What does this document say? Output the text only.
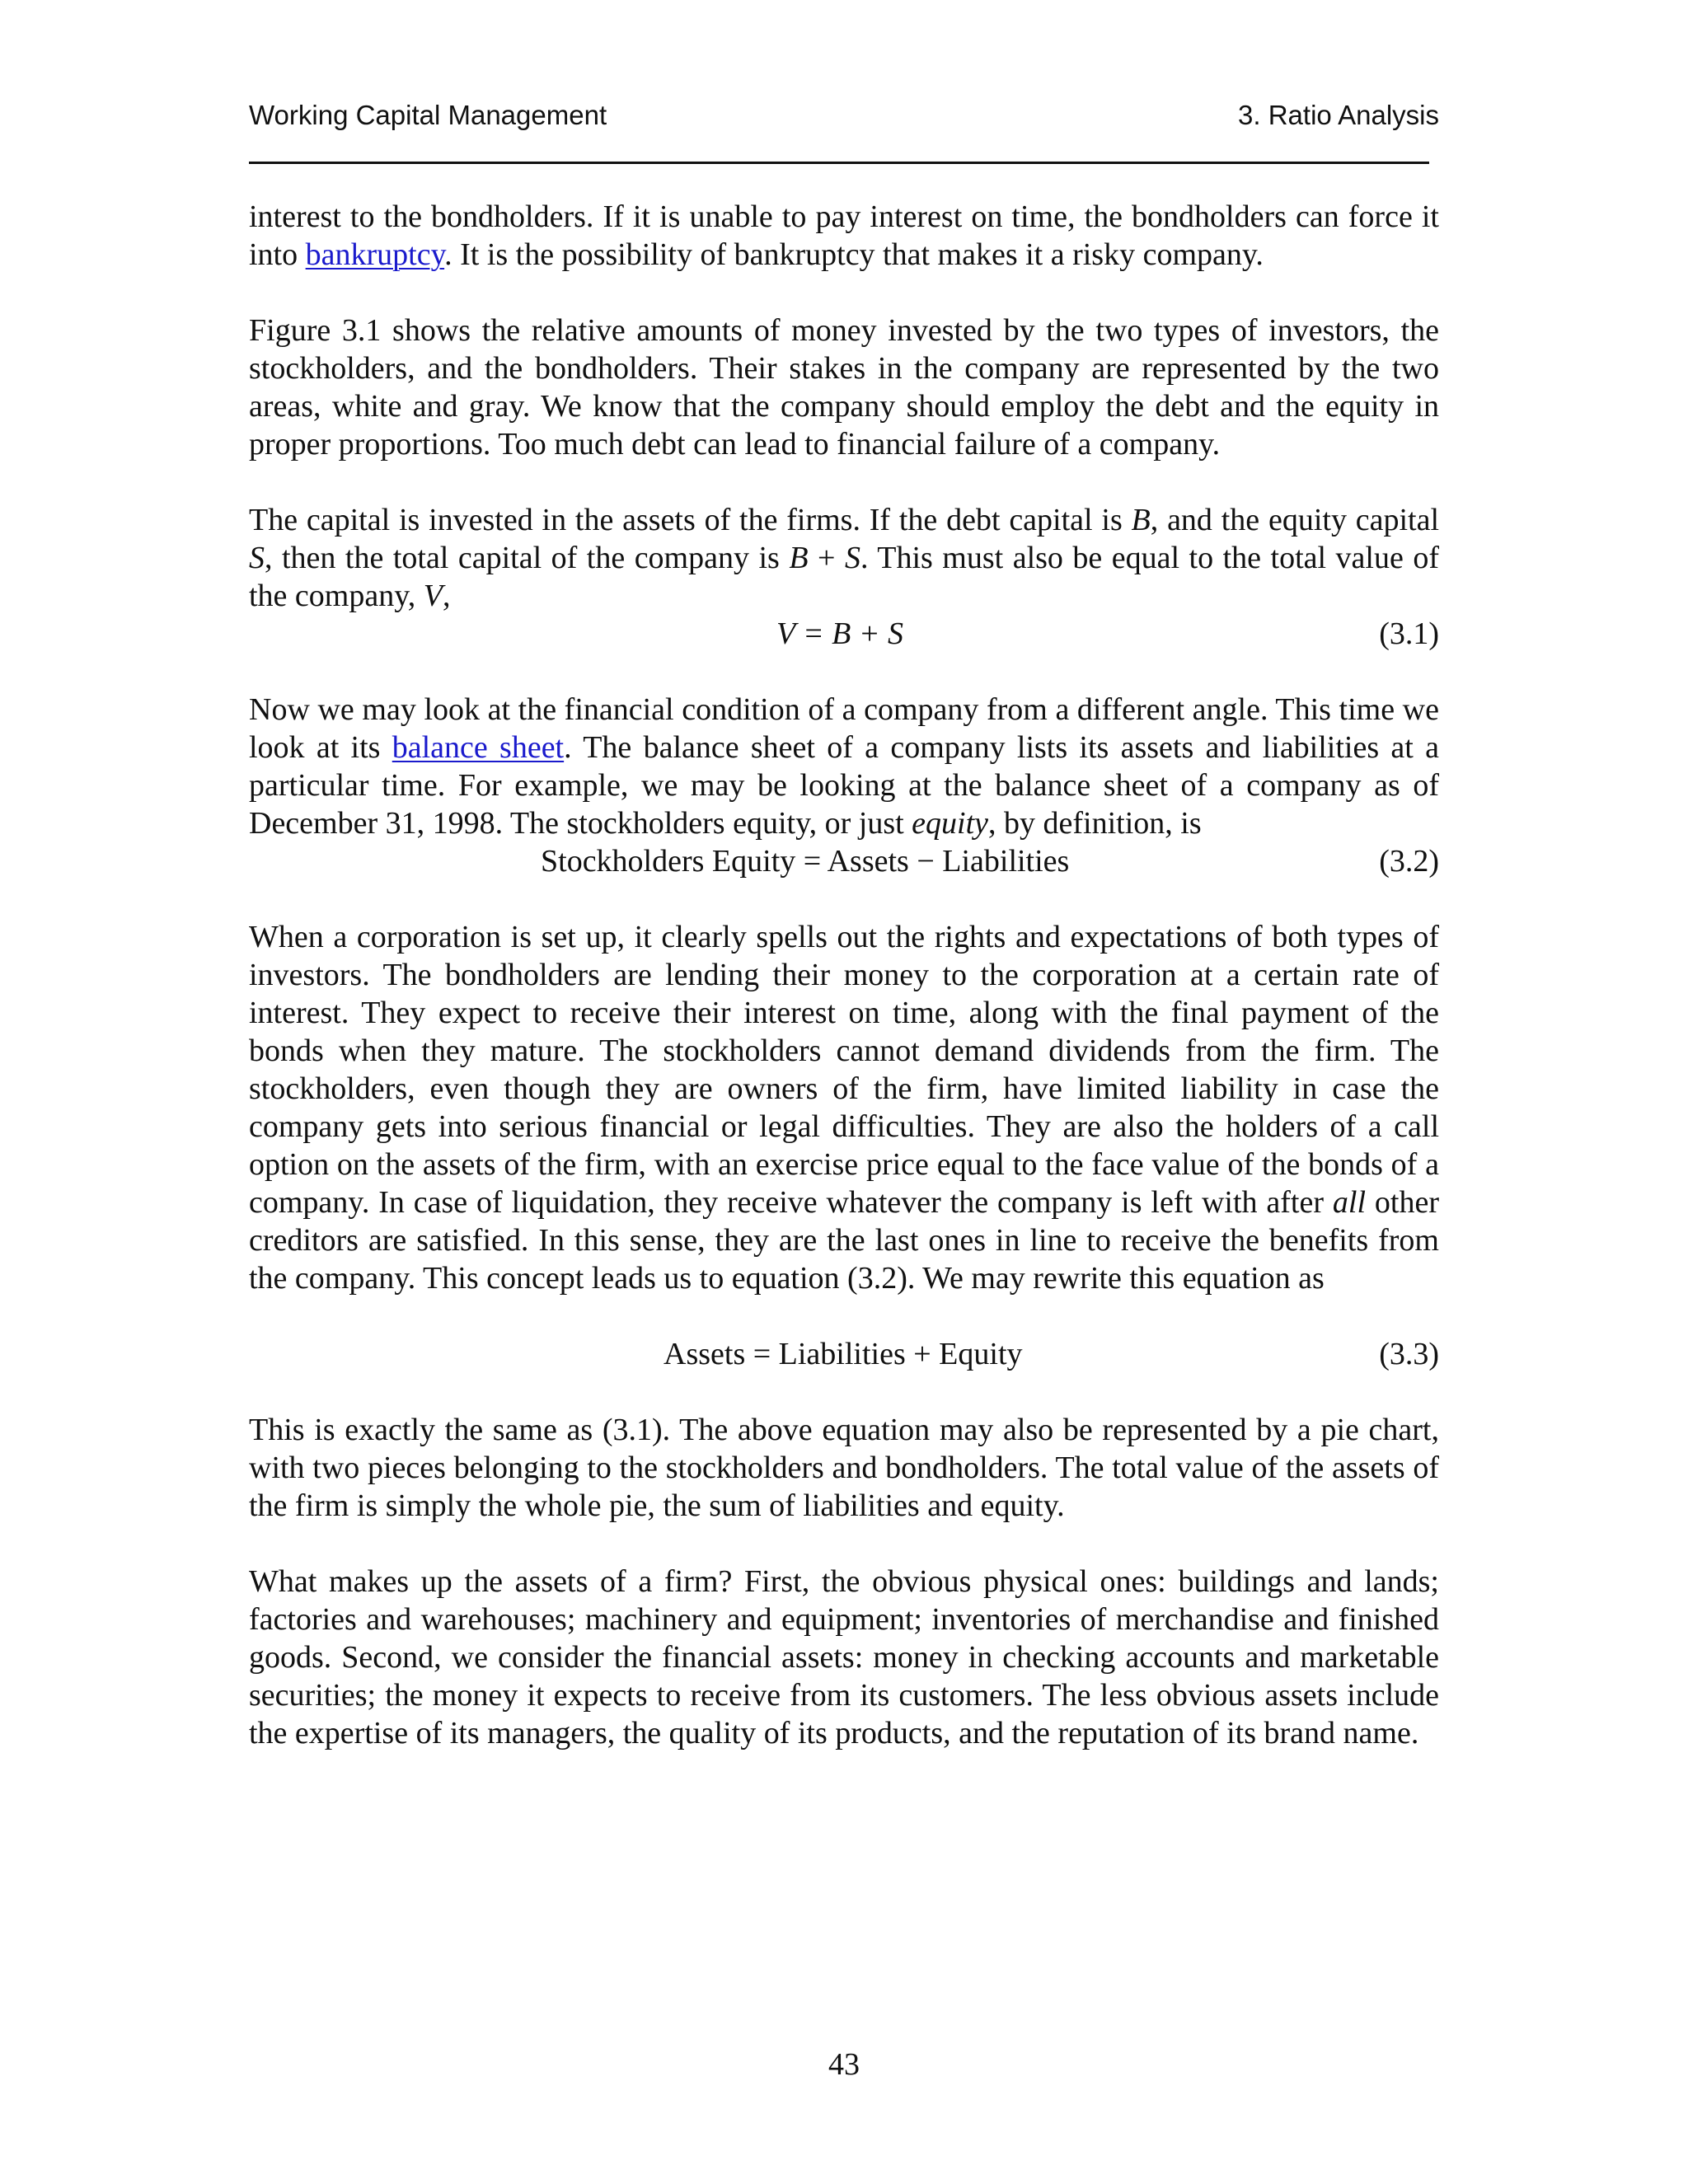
Working Capital Management	3. Ratio Analysis

interest to the bondholders. If it is unable to pay interest on time, the bondholders can force it into bankruptcy. It is the possibility of bankruptcy that makes it a risky company.

Figure 3.1 shows the relative amounts of money invested by the two types of investors, the stockholders, and the bondholders. Their stakes in the company are represented by the two areas, white and gray. We know that the company should employ the debt and the equity in proper proportions. Too much debt can lead to financial failure of a company.

The capital is invested in the assets of the firms. If the debt capital is B, and the equity capital S, then the total capital of the company is B + S. This must also be equal to the total value of the company, V,

V = B + S	(3.1)

Now we may look at the financial condition of a company from a different angle. This time we look at its balance sheet. The balance sheet of a company lists its assets and liabilities at a particular time. For example, we may be looking at the balance sheet of a company as of December 31, 1998. The stockholders equity, or just equity, by definition, is

Stockholders Equity = Assets − Liabilities	(3.2)

When a corporation is set up, it clearly spells out the rights and expectations of both types of investors. The bondholders are lending their money to the corporation at a certain rate of interest. They expect to receive their interest on time, along with the final payment of the bonds when they mature. The stockholders cannot demand dividends from the firm. The stockholders, even though they are owners of the firm, have limited liability in case the company gets into serious financial or legal difficulties. They are also the holders of a call option on the assets of the firm, with an exercise price equal to the face value of the bonds of a company. In case of liquidation, they receive whatever the company is left with after all other creditors are satisfied. In this sense, they are the last ones in line to receive the benefits from the company. This concept leads us to equation (3.2). We may rewrite this equation as

Assets = Liabilities + Equity	(3.3)

This is exactly the same as (3.1). The above equation may also be represented by a pie chart, with two pieces belonging to the stockholders and bondholders. The total value of the assets of the firm is simply the whole pie, the sum of liabilities and equity.

What makes up the assets of a firm? First, the obvious physical ones: buildings and lands; factories and warehouses; machinery and equipment; inventories of merchandise and finished goods. Second, we consider the financial assets: money in checking accounts and marketable securities; the money it expects to receive from its customers. The less obvious assets include the expertise of its managers, the quality of its products, and the reputation of its brand name.

43
